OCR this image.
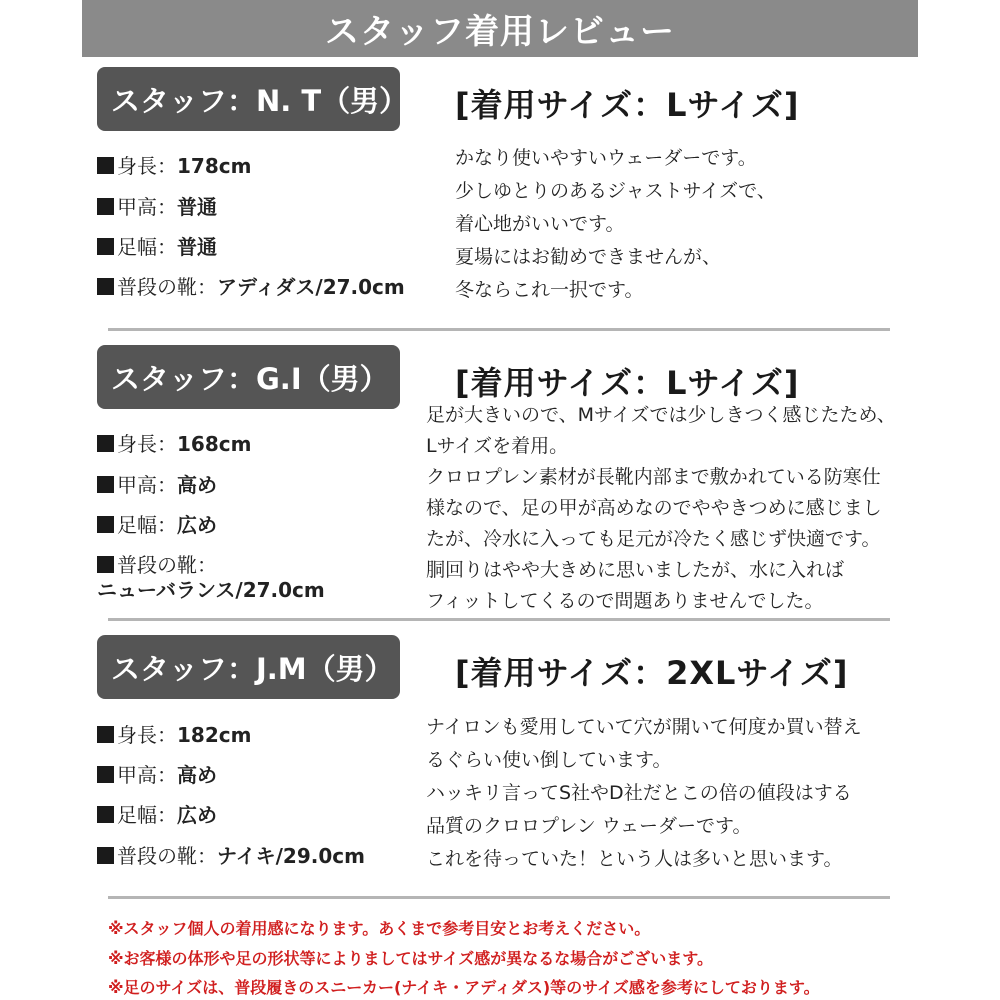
スタッフ着用レビュー
スタッフ：N. T（男） [着用サイズ：Lサイズ]
身長：178cm
甲高：普通
足幅：普通
普段の靴：アディダス/27.0cm
かなり使いやすいウェーダーです。
少しゆとりのあるジャストサイズで、
着心地がいいです。
夏場にはお勧めできませんが、
冬ならこれ一択です。
スタッフ：G.I（男）	[着用サイズ：Lサイズ]
身長：168cm
甲高：高め
足幅：広め
普段の靴：
ニューバランス/27.0cm
足が大きいので、Mサイズでは少しきつく感じたため、
Lサイズを着用。
クロロプレン素材が長靴内部まで敷かれている防寒仕
様なので、足の甲が高めなのでややきつめに感じまし
たが、冷水に入っても足元が冷たく感じず快適です。
胴回りはやや大きめに思いましたが、水に入れば
フィットしてくるので問題ありませんでした。
スタッフ：J.M（男） [着用サイズ：2XLサイズ]
身長：182cm
甲高：高め
足幅：広め
普段の靴：ナイキ/29.0cm
ナイロンも愛用していて穴が開いて何度か買い替え
るぐらい使い倒しています。
ハッキリ言ってS社やD社だとこの倍の値段はする
品質のクロロプレン ウェーダーです。
これを待っていた！という人は多いと思います。
※スタッフ個人の着用感になります。あくまで参考目安とお考えください。
※お客様の体形や足の形状等によりましてはサイズ感が異なるな場合がございます。
※足のサイズは、普段履きのスニーカー(ナイキ・アディダス)等のサイズ感を参考にしております。
